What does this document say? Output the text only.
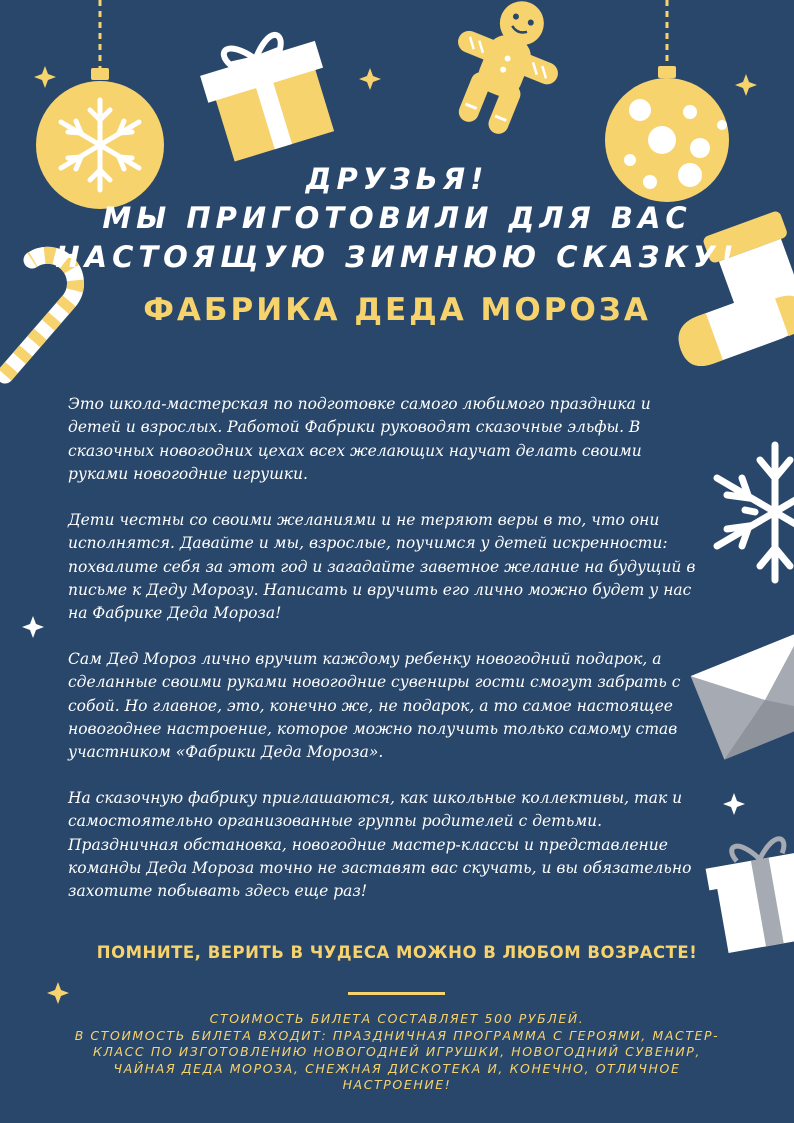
ДРУЗЬЯ!
МЫ ПРИГОТОВИЛИ ДЛЯ ВАС
НАСТОЯЩУЮ ЗИМНЮЮ СКАЗКУ!
ФАБРИКА ДЕДА МОРОЗА
Это школа-мастерская по подготовке самого любимого праздника и детей и взрослых. Работой Фабрики руководят сказочные эльфы. В сказочных новогодних цехах всех желающих научат делать своими руками новогодние игрушки.
Дети честны со своими желаниями и не теряют веры в то, что они исполнятся. Давайте и мы, взрослые, поучимся у детей искренности: похвалите себя за этот год и загадайте заветное желание на будущий в письме к Деду Морозу. Написать и вручить его лично можно будет у нас на Фабрике Деда Мороза!
Сам Дед Мороз лично вручит каждому ребенку новогодний подарок, а сделанные своими руками новогодние сувениры гости смогут забрать с собой. Но главное, это, конечно же, не подарок, а то самое настоящее новогоднее настроение, которое можно получить только самому став участником «Фабрики Деда Мороза».
На сказочную фабрику приглашаются, как школьные коллективы, так и самостоятельно организованные группы родителей с детьми. Праздничная обстановка, новогодние мастер-классы и представление команды Деда Мороза точно не заставят вас скучать, и вы обязательно захотите побывать здесь еще раз!
ПОМНИТЕ, ВЕРИТЬ В ЧУДЕСА МОЖНО В ЛЮБОМ ВОЗРАСТЕ!
СТОИМОСТЬ БИЛЕТА СОСТАВЛЯЕТ 500 РУБЛЕЙ.
В СТОИМОСТЬ БИЛЕТА ВХОДИТ: ПРАЗДНИЧНАЯ ПРОГРАММА С ГЕРОЯМИ, МАСТЕР-КЛАСС ПО ИЗГОТОВЛЕНИЮ НОВОГОДНЕЙ ИГРУШКИ, НОВОГОДНИЙ СУВЕНИР, ЧАЙНАЯ ДЕДА МОРОЗА, СНЕЖНАЯ ДИСКОТЕКА И, КОНЕЧНО, ОТЛИЧНОЕ НАСТРОЕНИЕ!
